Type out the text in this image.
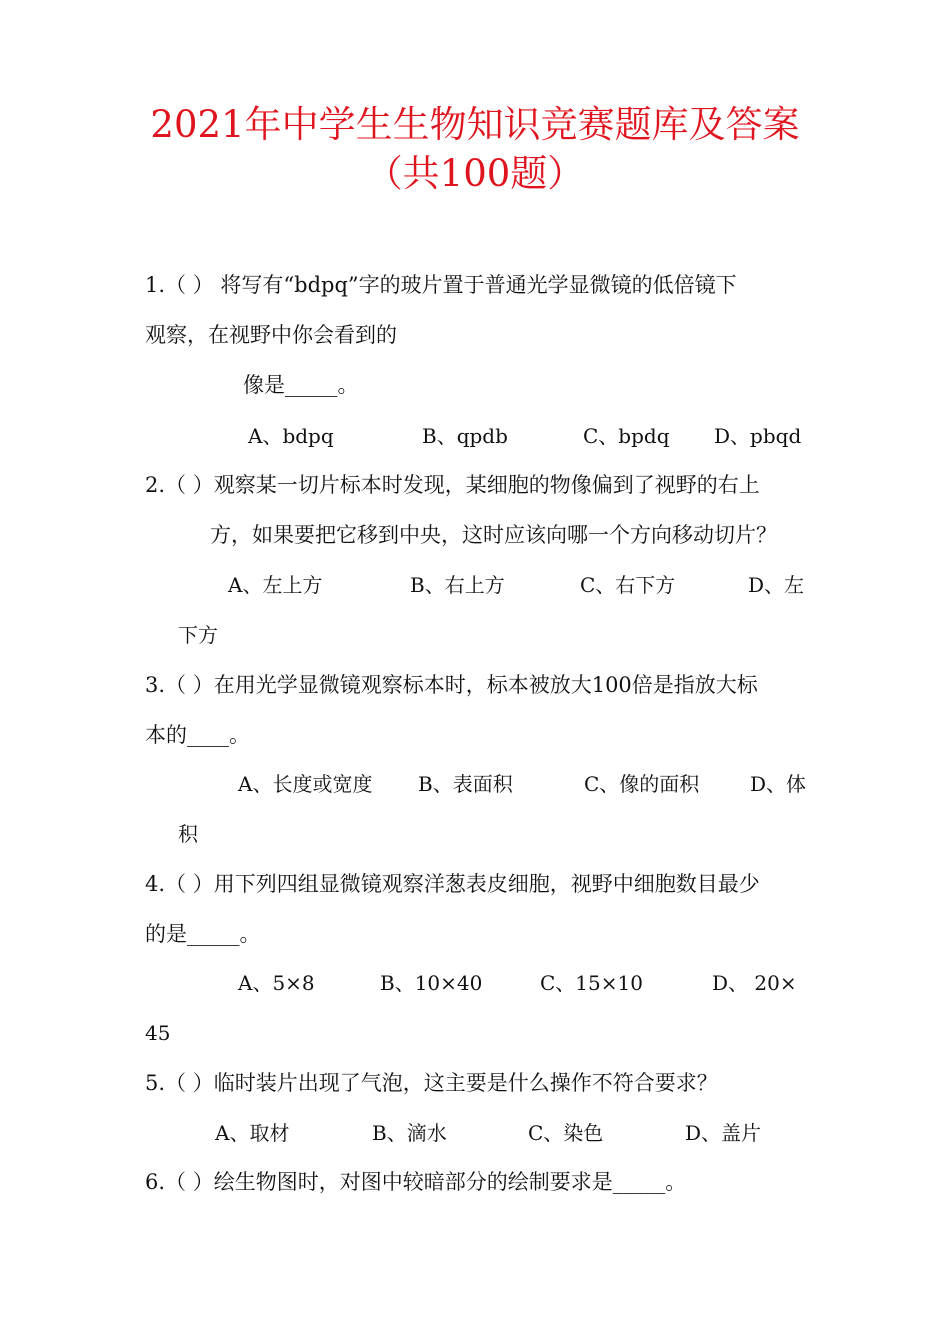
2021年中学生生物知识竞赛题库及答案
（共100题）
1.（ ） 将写有“bdpq”字的玻片置于普通光学显微镜的低倍镜下
观察，在视野中你会看到的
像是_____。
A、bdpq	B、qpdb	C、bpdq D、pbqd
2.（ ）观察某一切片标本时发现，某细胞的物像偏到了视野的右上
方，如果要把它移到中央，这时应该向哪一个方向移动切片？
A、左上方	B、右上方	C、右下方	D、左
下方
3.（ ）在用光学显微镜观察标本时，标本被放大100倍是指放大标
本的____。
A、长度或宽度 B、表面积	C、像的面积	D、体
积
4.（ ）用下列四组显微镜观察洋葱表皮细胞，视野中细胞数目最少
的是_____。
A、5×8	B、10×40	C、15×10	D、 20×
45
5.（ ）临时装片出现了气泡，这主要是什么操作不符合要求？
A、取材	B、滴水	C、染色	D、盖片
6.（ ）绘生物图时，对图中较暗部分的绘制要求是_____。
